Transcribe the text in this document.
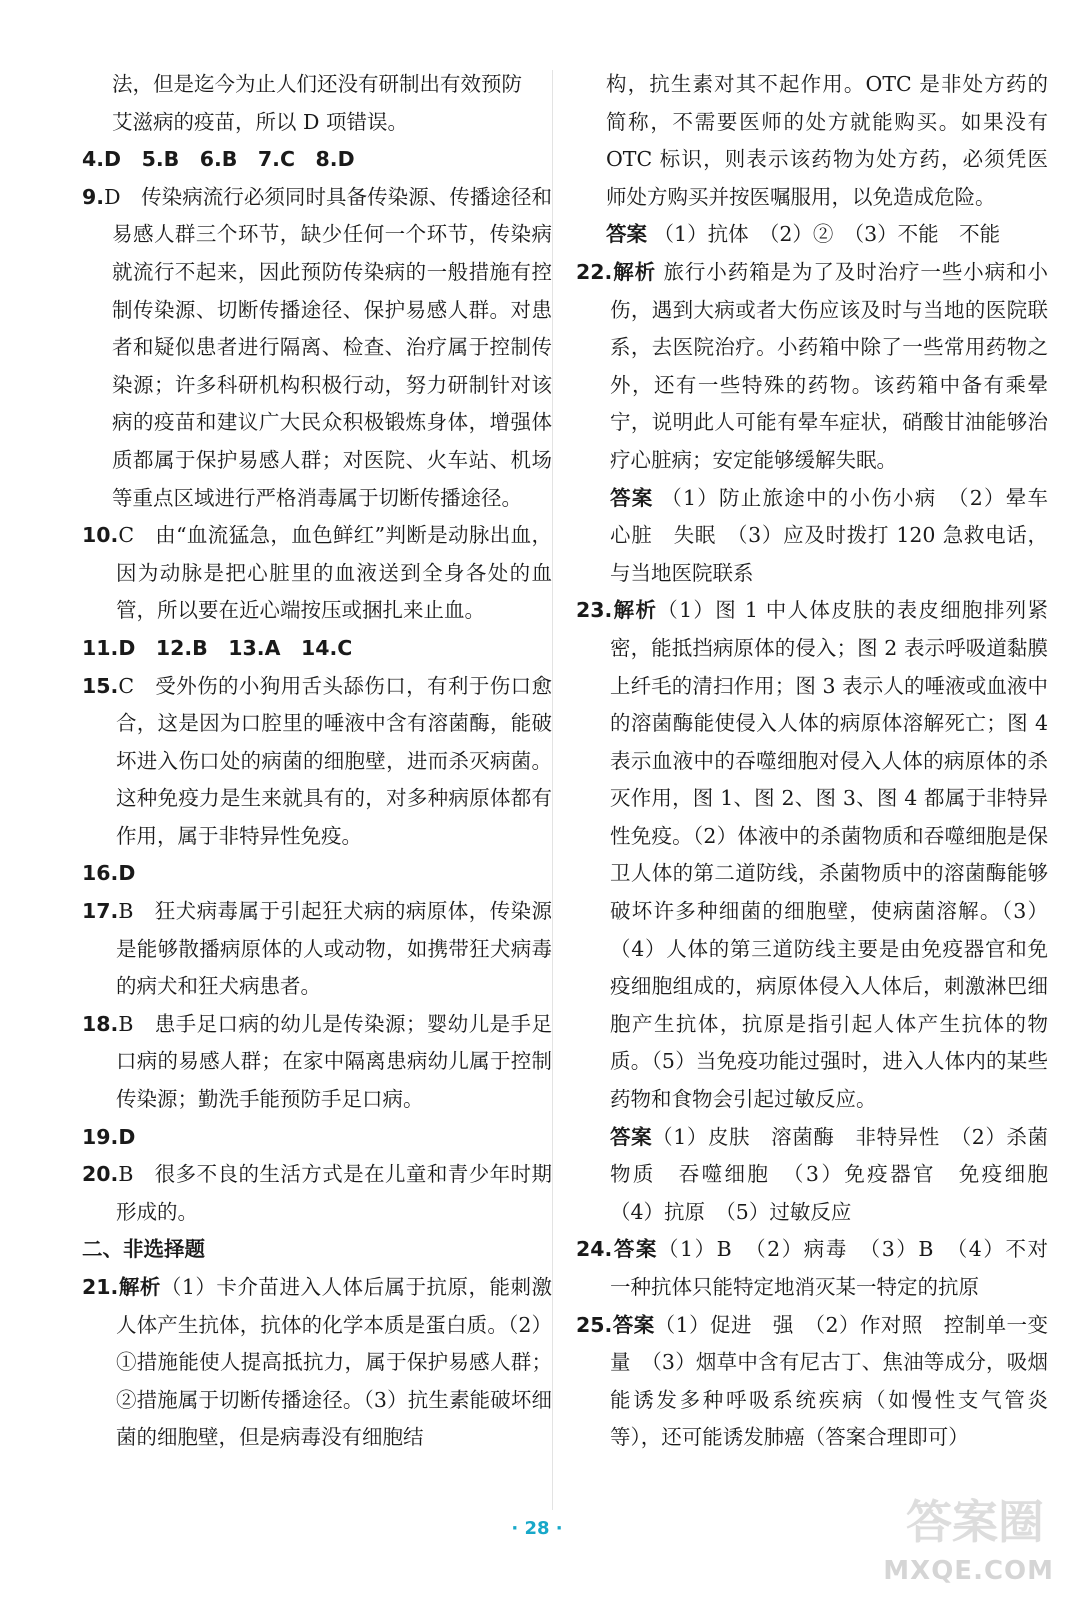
法，但是迄今为止人们还没有研制出有效预防
艾滋病的疫苗，所以 D 项错误。

4.D　5.B　6.B　7.C　8.D

9.D　传染病流行必须同时具备传染源、传播途径和易感人群三个环节，缺少任何一个环节，传染病就流行不起来，因此预防传染病的一般措施有控制传染源、切断传播途径、保护易感人群。对患者和疑似患者进行隔离、检查、治疗属于控制传染源；许多科研机构积极行动，努力研制针对该病的疫苗和建议广大民众积极锻炼身体，增强体质都属于保护易感人群；对医院、火车站、机场等重点区域进行严格消毒属于切断传播途径。

10.C　由“血流猛急，血色鲜红”判断是动脉出血，因为动脉是把心脏里的血液送到全身各处的血管，所以要在近心端按压或捆扎来止血。

11.D　12.B　13.A　14.C

15.C　受外伤的小狗用舌头舔伤口，有利于伤口愈合，这是因为口腔里的唾液中含有溶菌酶，能破坏进入伤口处的病菌的细胞壁，进而杀灭病菌。这种免疫力是生来就具有的，对多种病原体都有作用，属于非特异性免疫。

16.D

17.B　狂犬病毒属于引起狂犬病的病原体，传染源是能够散播病原体的人或动物，如携带狂犬病毒的病犬和狂犬病患者。

18.B　患手足口病的幼儿是传染源；婴幼儿是手足口病的易感人群；在家中隔离患病幼儿属于控制传染源；勤洗手能预防手足口病。

19.D

20.B　很多不良的生活方式是在儿童和青少年时期形成的。

二、非选择题

21.解析（1）卡介苗进入人体后属于抗原，能刺激人体产生抗体，抗体的化学本质是蛋白质。（2）①措施能使人提高抵抗力，属于保护易感人群；②措施属于切断传播途径。（3）抗生素能破坏细菌的细胞壁，但是病毒没有细胞结

构，抗生素对其不起作用。OTC 是非处方药的简称，不需要医师的处方就能购买。如果没有 OTC 标识，则表示该药物为处方药，必须凭医师处方购买并按医嘱服用，以免造成危险。

答案 （1）抗体　（2）②　（3）不能　不能

22.解析 旅行小药箱是为了及时治疗一些小病和小伤，遇到大病或者大伤应该及时与当地的医院联系，去医院治疗。小药箱中除了一些常用药物之外，还有一些特殊的药物。该药箱中备有乘晕宁，说明此人可能有晕车症状，硝酸甘油能够治疗心脏病；安定能够缓解失眠。

答案 （1）防止旅途中的小伤小病　（2）晕车　心脏　失眠　（3）应及时拨打 120 急救电话，与当地医院联系

23.解析（1）图 1 中人体皮肤的表皮细胞排列紧密，能抵挡病原体的侵入；图 2 表示呼吸道黏膜上纤毛的清扫作用；图 3 表示人的唾液或血液中的溶菌酶能使侵入人体的病原体溶解死亡；图 4 表示血液中的吞噬细胞对侵入人体的病原体的杀灭作用，图 1、图 2、图 3、图 4 都属于非特异性免疫。（2）体液中的杀菌物质和吞噬细胞是保卫人体的第二道防线，杀菌物质中的溶菌酶能够破坏许多种细菌的细胞壁，使病菌溶解。（3）（4）人体的第三道防线主要是由免疫器官和免疫细胞组成的，病原体侵入人体后，刺激淋巴细胞产生抗体，抗原是指引起人体产生抗体的物质。（5）当免疫功能过强时，进入人体内的某些药物和食物会引起过敏反应。

答案（1）皮肤　溶菌酶　非特异性　（2）杀菌物质　吞噬细胞　（3）免疫器官　免疫细胞　（4）抗原　（5）过敏反应

24.答案（1）B　（2）病毒　（3）B　（4）不对　一种抗体只能特定地消灭某一特定的抗原

25.答案（1）促进　强　（2）作对照　控制单一变量　（3）烟草中含有尼古丁、焦油等成分，吸烟能诱发多种呼吸系统疾病（如慢性支气管炎等），还可能诱发肺癌（答案合理即可）

· 28 ·	答案圈
MXQE.COM
